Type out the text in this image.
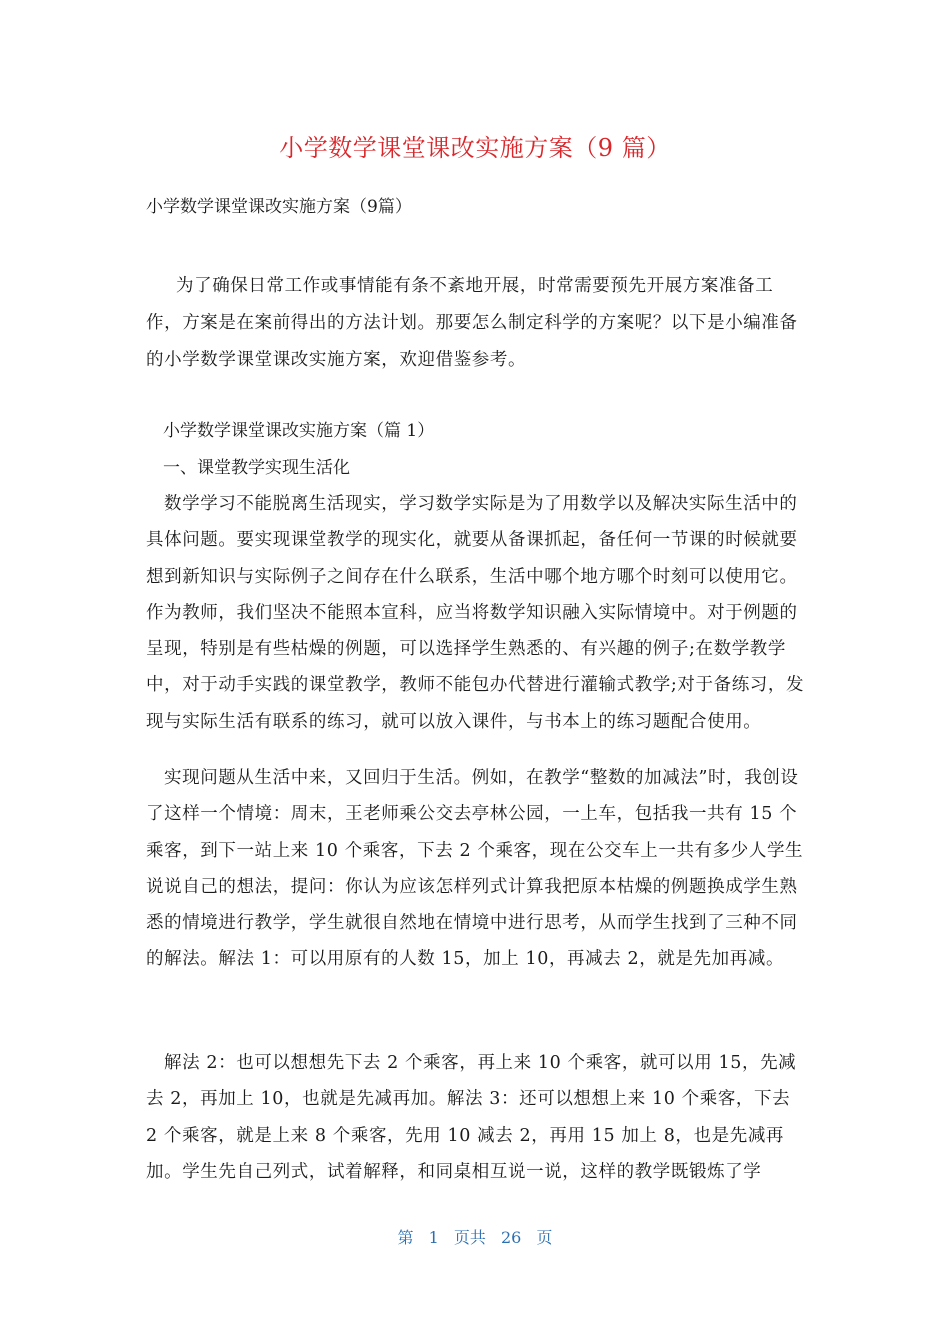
小学数学课堂课改实施方案（9 篇）

小学数学课堂课改实施方案（9篇）

为了确保日常工作或事情能有条不紊地开展，时常需要预先开展方案准备工作，方案是在案前得出的方法计划。那要怎么制定科学的方案呢？以下是小编准备的小学数学课堂课改实施方案，欢迎借鉴参考。

小学数学课堂课改实施方案（篇 1）

一、课堂教学实现生活化

数学学习不能脱离生活现实，学习数学实际是为了用数学以及解决实际生活中的具体问题。要实现课堂教学的现实化，就要从备课抓起，备任何一节课的时候就要想到新知识与实际例子之间存在什么联系，生活中哪个地方哪个时刻可以使用它。作为教师，我们坚决不能照本宣科，应当将数学知识融入实际情境中。对于例题的呈现，特别是有些枯燥的例题，可以选择学生熟悉的、有兴趣的例子;在数学教学中，对于动手实践的课堂教学，教师不能包办代替进行灌输式教学;对于备练习，发现与实际生活有联系的练习，就可以放入课件，与书本上的练习题配合使用。

实现问题从生活中来，又回归于生活。例如，在教学“整数的加减法”时，我创设了这样一个情境：周末，王老师乘公交去亭林公园，一上车，包括我一共有 15 个乘客，到下一站上来 10 个乘客，下去 2 个乘客，现在公交车上一共有多少人学生说说自己的想法，提问：你认为应该怎样列式计算我把原本枯燥的例题换成学生熟悉的情境进行教学，学生就很自然地在情境中进行思考，从而学生找到了三种不同的解法。解法 1：可以用原有的人数 15，加上 10，再减去 2，就是先加再减。

解法 2：也可以想想先下去 2 个乘客，再上来 10 个乘客，就可以用 15，先减去 2，再加上 10，也就是先减再加。解法 3：还可以想想上来 10 个乘客，下去 2 个乘客，就是上来 8 个乘客，先用 10 减去 2，再用 15 加上 8，也是先减再加。学生先自己列式，试着解释，和同桌相互说一说，这样的教学既锻炼了学

第 1 页共 26 页
